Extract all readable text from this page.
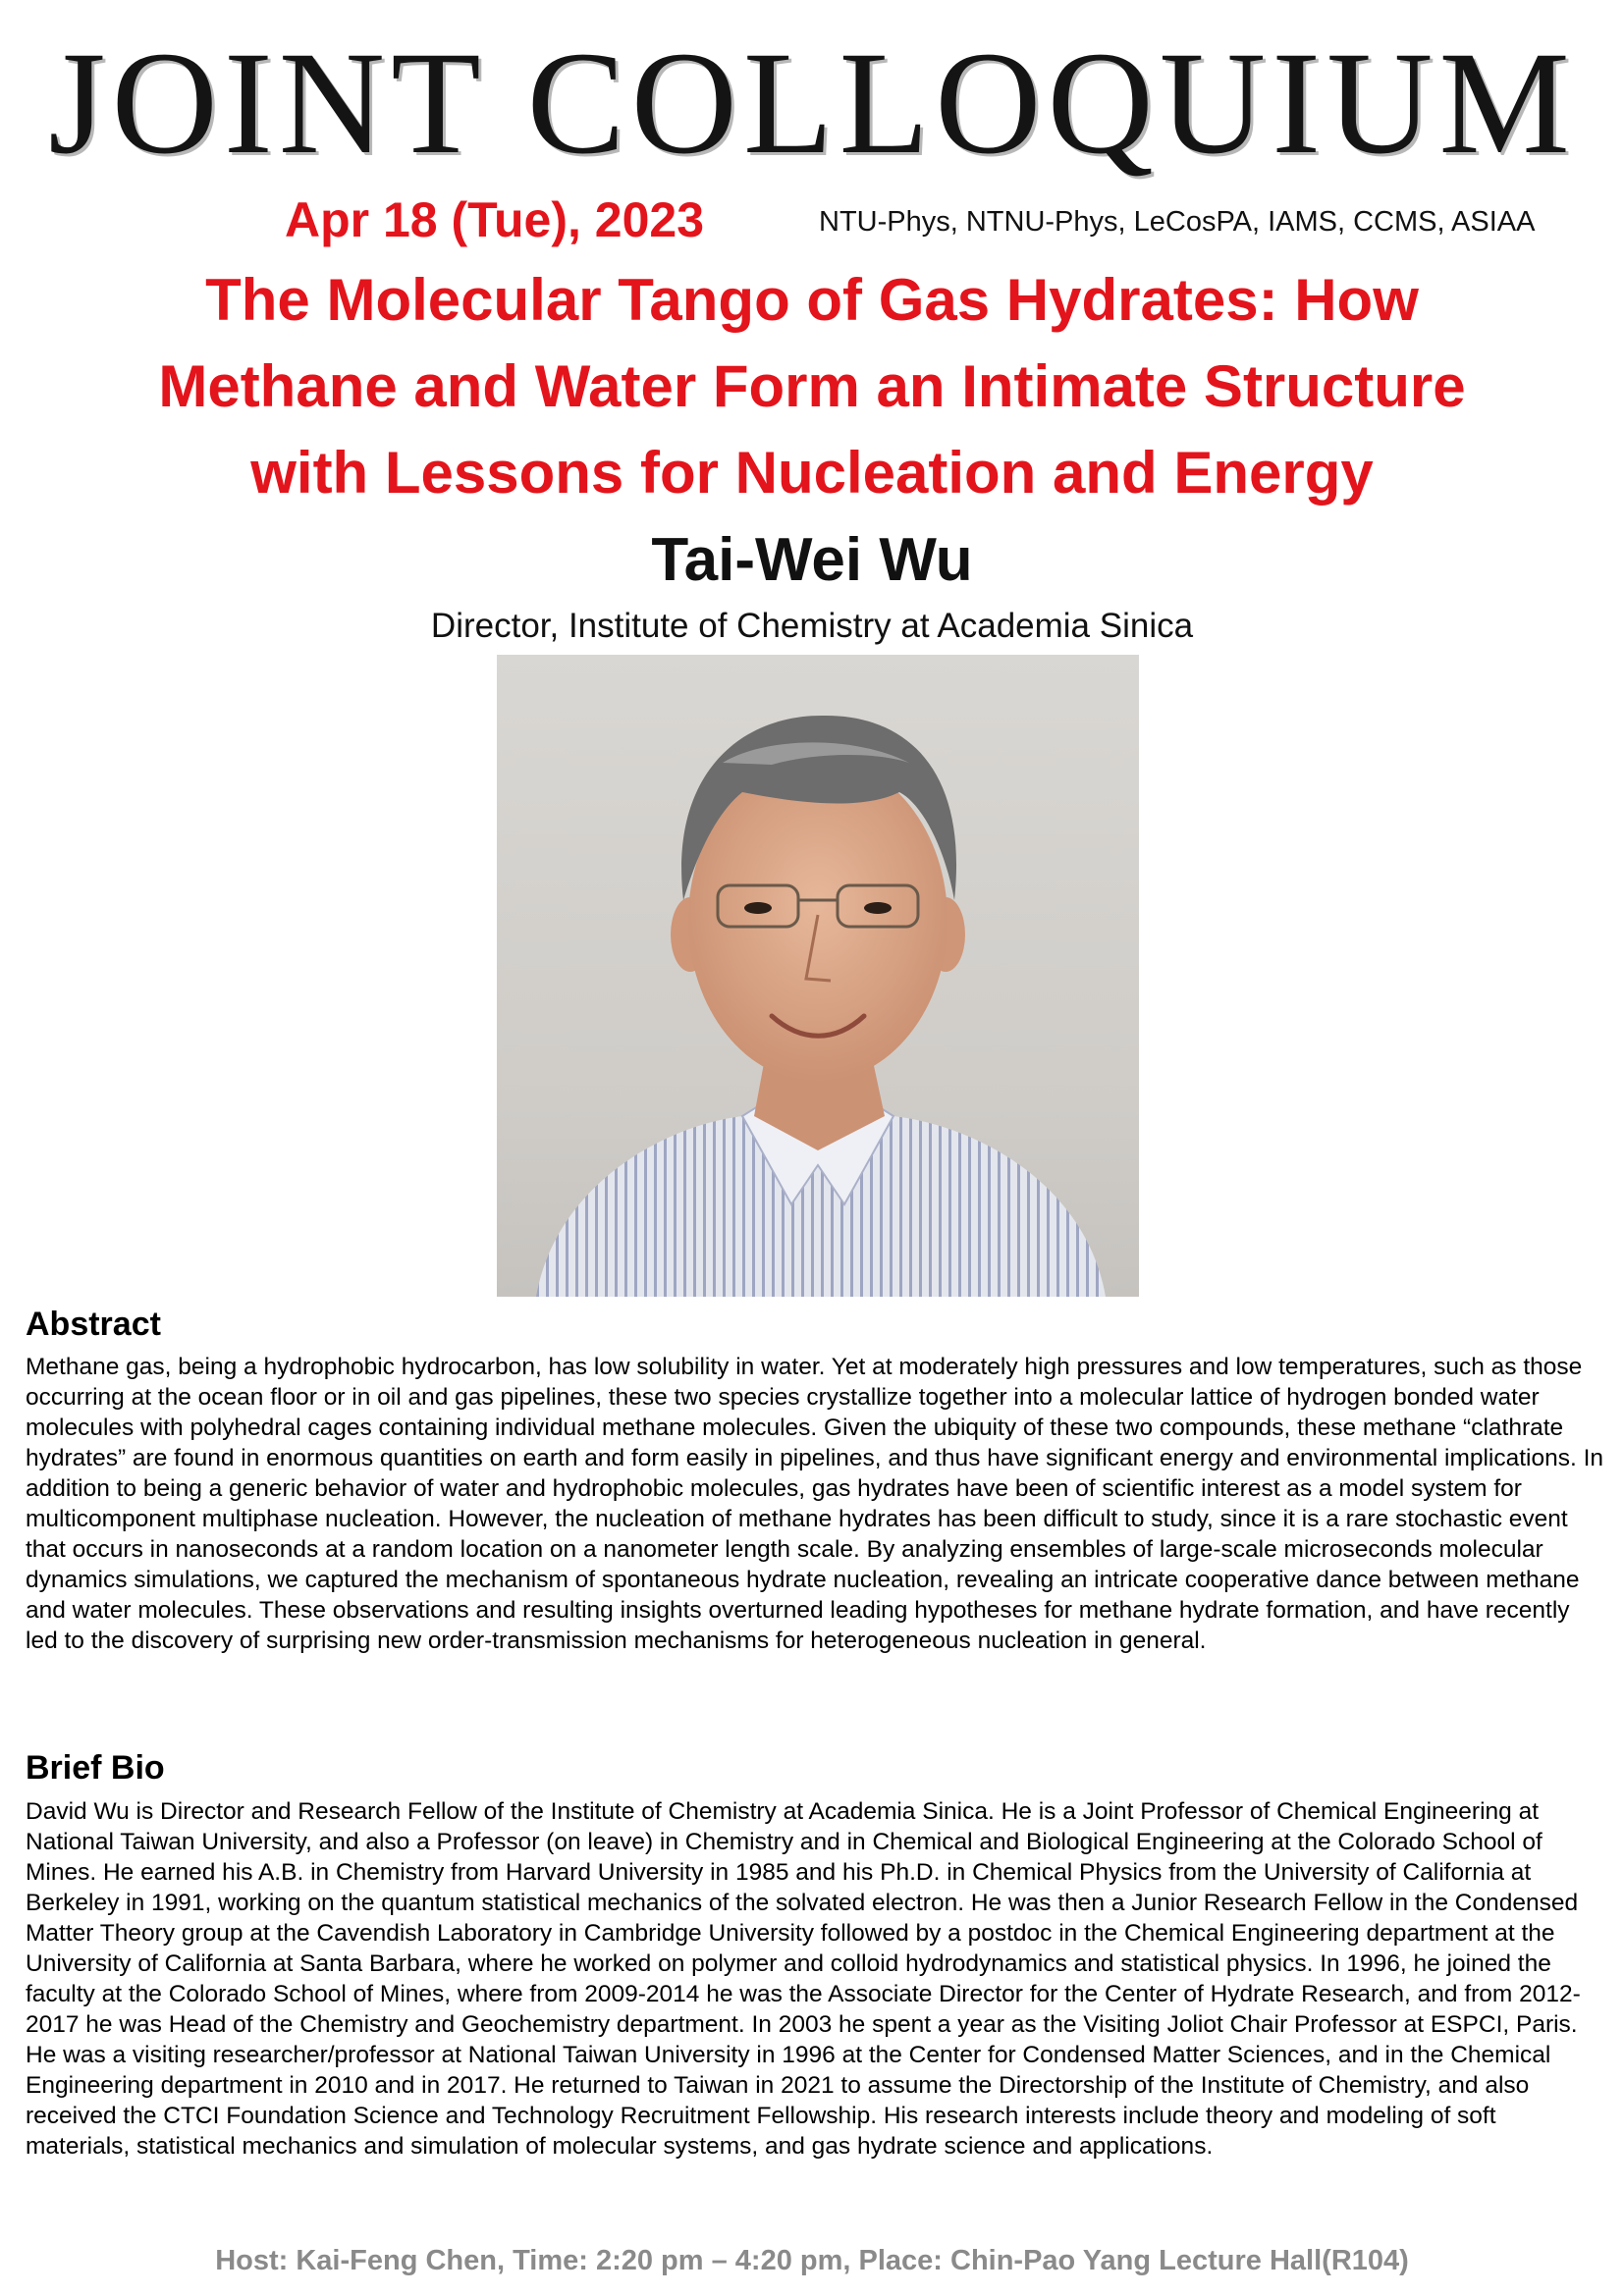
JOINT COLLOQUIUM
Apr 18 (Tue), 2023	NTU-Phys, NTNU-Phys, LeCosPA, IAMS, CCMS, ASIAA
The Molecular Tango of Gas Hydrates: How
Methane and Water Form an Intimate Structure
with Lessons for Nucleation and Energy
Tai-Wei Wu
Director, Institute of Chemistry at Academia Sinica
Abstract
Methane gas, being a hydrophobic hydrocarbon, has low solubility in water. Yet at moderately high pressures and low temperatures, such as those occurring at the ocean floor or in oil and gas pipelines, these two species crystallize together into a molecular lattice of hydrogen bonded water molecules with polyhedral cages containing individual methane molecules. Given the ubiquity of these two compounds, these methane “clathrate hydrates” are found in enormous quantities on earth and form easily in pipelines, and thus have significant energy and environmental implications. In addition to being a generic behavior of water and hydrophobic molecules, gas hydrates have been of scientific interest as a model system for multicomponent multiphase nucleation. However, the nucleation of methane hydrates has been difficult to study, since it is a rare stochastic event that occurs in nanoseconds at a random location on a nanometer length scale. By analyzing ensembles of large-scale microseconds molecular dynamics simulations, we captured the mechanism of spontaneous hydrate nucleation, revealing an intricate cooperative dance between methane and water molecules. These observations and resulting insights overturned leading hypotheses for methane hydrate formation, and have recently led to the discovery of surprising new order-transmission mechanisms for heterogeneous nucleation in general.
Brief Bio
David Wu is Director and Research Fellow of the Institute of Chemistry at Academia Sinica. He is a Joint Professor of Chemical Engineering at National Taiwan University, and also a Professor (on leave) in Chemistry and in Chemical and Biological Engineering at the Colorado School of Mines. He earned his A.B. in Chemistry from Harvard University in 1985 and his Ph.D. in Chemical Physics from the University of California at Berkeley in 1991, working on the quantum statistical mechanics of the solvated electron. He was then a Junior Research Fellow in the Condensed Matter Theory group at the Cavendish Laboratory in Cambridge University followed by a postdoc in the Chemical Engineering department at the University of California at Santa Barbara, where he worked on polymer and colloid hydrodynamics and statistical physics. In 1996, he joined the faculty at the Colorado School of Mines, where from 2009-2014 he was the Associate Director for the Center of Hydrate Research, and from 2012-2017 he was Head of the Chemistry and Geochemistry department. In 2003 he spent a year as the Visiting Joliot Chair Professor at ESPCI, Paris. He was a visiting researcher/professor at National Taiwan University in 1996 at the Center for Condensed Matter Sciences, and in the Chemical Engineering department in 2010 and in 2017. He returned to Taiwan in 2021 to assume the Directorship of the Institute of Chemistry, and also received the CTCI Foundation Science and Technology Recruitment Fellowship. His research interests include theory and modeling of soft materials, statistical mechanics and simulation of molecular systems, and gas hydrate science and applications.
Host: Kai-Feng Chen, Time: 2:20 pm – 4:20 pm, Place: Chin-Pao Yang Lecture Hall(R104)
